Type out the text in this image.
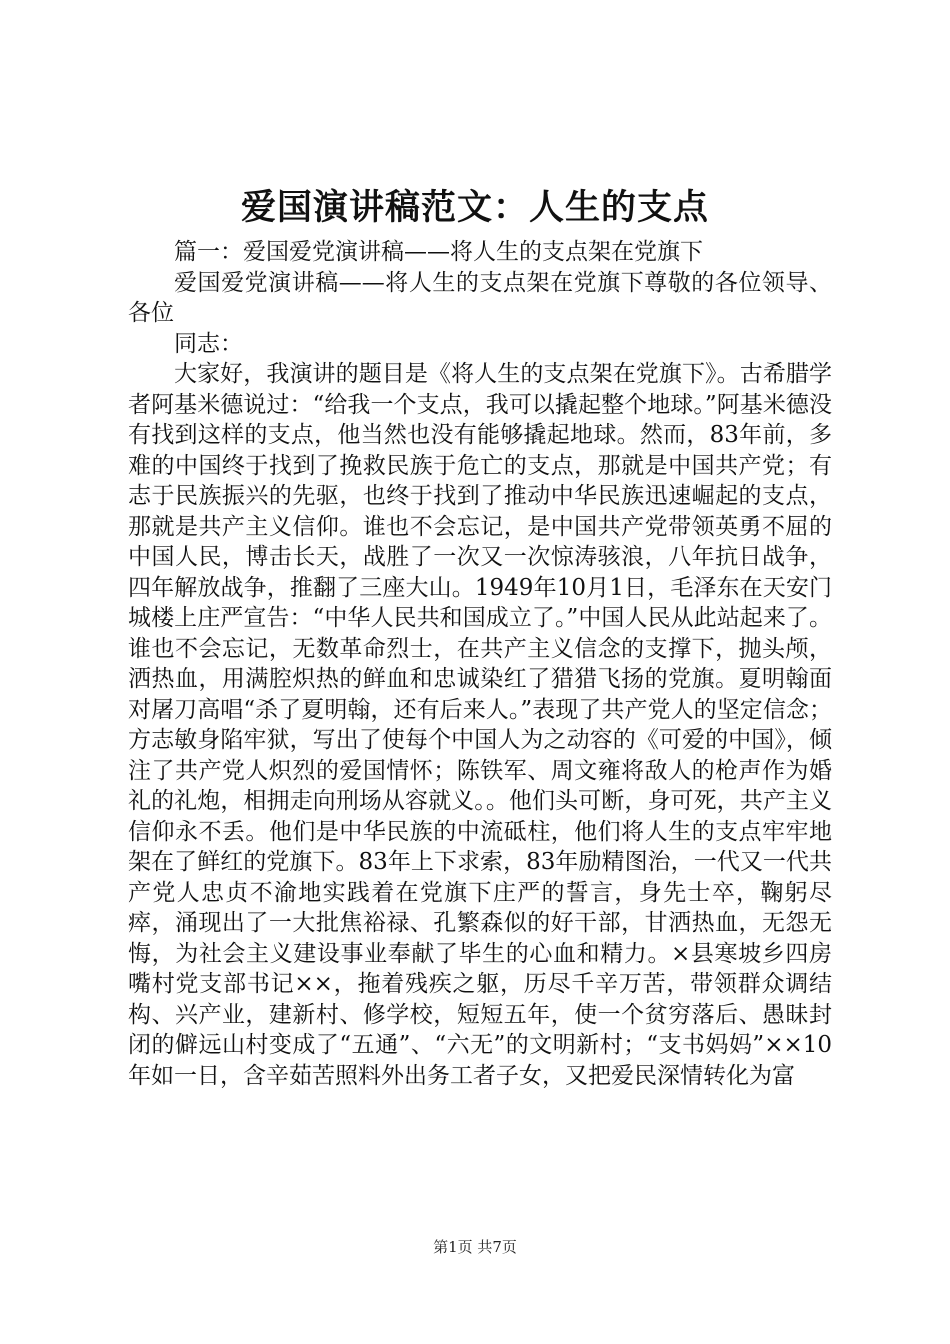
爱国演讲稿范文：人生的支点

篇一：爱国爱党演讲稿——将人生的支点架在党旗下

爱国爱党演讲稿——将人生的支点架在党旗下尊敬的各位领导、各位

同志：

大家好，我演讲的题目是《将人生的支点架在党旗下》。古希腊学者阿基米德说过：“给我一个支点，我可以撬起整个地球。”阿基米德没有找到这样的支点，他当然也没有能够撬起地球。然而，83年前，多难的中国终于找到了挽救民族于危亡的支点，那就是中国共产党；有志于民族振兴的先驱，也终于找到了推动中华民族迅速崛起的支点，那就是共产主义信仰。谁也不会忘记，是中国共产党带领英勇不屈的中国人民，博击长天，战胜了一次又一次惊涛骇浪，八年抗日战争，四年解放战争，推翻了三座大山。1949年10月1日，毛泽东在天安门城楼上庄严宣告：“中华人民共和国成立了。”中国人民从此站起来了。谁也不会忘记，无数革命烈士，在共产主义信念的支撑下，抛头颅，洒热血，用满腔炽热的鲜血和忠诚染红了猎猎飞扬的党旗。夏明翰面对屠刀高唱“杀了夏明翰，还有后来人。”表现了共产党人的坚定信念；方志敏身陷牢狱，写出了使每个中国人为之动容的《可爱的中国》，倾注了共产党人炽烈的爱国情怀；陈铁军、周文雍将敌人的枪声作为婚礼的礼炮，相拥走向刑场从容就义。。他们头可断，身可死，共产主义信仰永不丢。他们是中华民族的中流砥柱，他们将人生的支点牢牢地架在了鲜红的党旗下。83年上下求索，83年励精图治，一代又一代共产党人忠贞不渝地实践着在党旗下庄严的誓言，身先士卒，鞠躬尽瘁，涌现出了一大批焦裕禄、孔繁森似的好干部，甘洒热血，无怨无悔，为社会主义建设事业奉献了毕生的心血和精力。×县寒坡乡四房嘴村党支部书记××，拖着残疾之躯，历尽千辛万苦，带领群众调结构、兴产业，建新村、修学校，短短五年，使一个贫穷落后、愚昧封闭的僻远山村变成了“五通”、“六无”的文明新村；“支书妈妈”××10年如一日，含辛茹苦照料外出务工者子女，又把爱民深情转化为富

第1页 共7页
